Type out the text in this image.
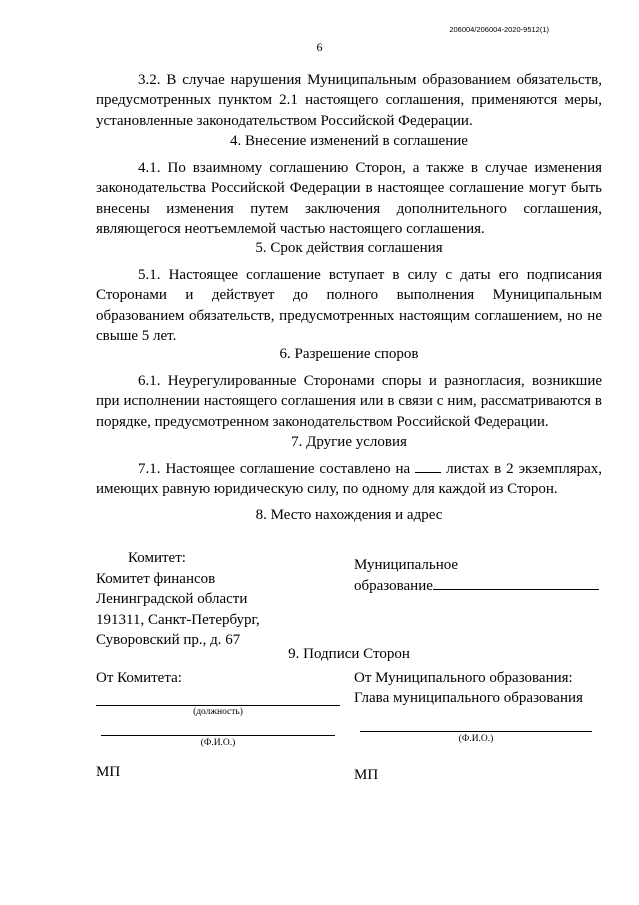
206004/206004-2020-9512(1)
6

3.2. В случае нарушения Муниципальным образованием обязательств, предусмотренных пунктом 2.1 настоящего соглашения, применяются меры, установленные законодательством Российской Федерации.

4. Внесение изменений в соглашение

4.1. По взаимному соглашению Сторон, а также в случае изменения законодательства Российской Федерации в настоящее соглашение могут быть внесены изменения путем заключения дополнительного соглашения, являющегося неотъемлемой частью настоящего соглашения.

5. Срок действия соглашения

5.1. Настоящее соглашение вступает в силу с даты его подписания Сторонами и действует до полного выполнения Муниципальным образованием обязательств, предусмотренных настоящим соглашением, но не свыше 5 лет.

6. Разрешение споров

6.1. Неурегулированные Сторонами споры и разногласия, возникшие при исполнении настоящего соглашения или в связи с ним, рассматриваются в порядке, предусмотренном законодательством Российской Федерации.

7. Другие условия

7.1. Настоящее соглашение составлено на листах в 2 экземплярах, имеющих равную юридическую силу, по одному для каждой из Сторон.

8. Место нахождения и адрес

Комитет:
Комитет финансов
Ленинградской области
191311, Санкт-Петербург,
Суворовский пр., д. 67
Муниципальное
образование

9. Подписи Сторон

От Комитета:	От Муниципального образования:
Глава муниципального образования
(должность)
(Ф.И.О.)	(Ф.И.О.)
МП	МП
